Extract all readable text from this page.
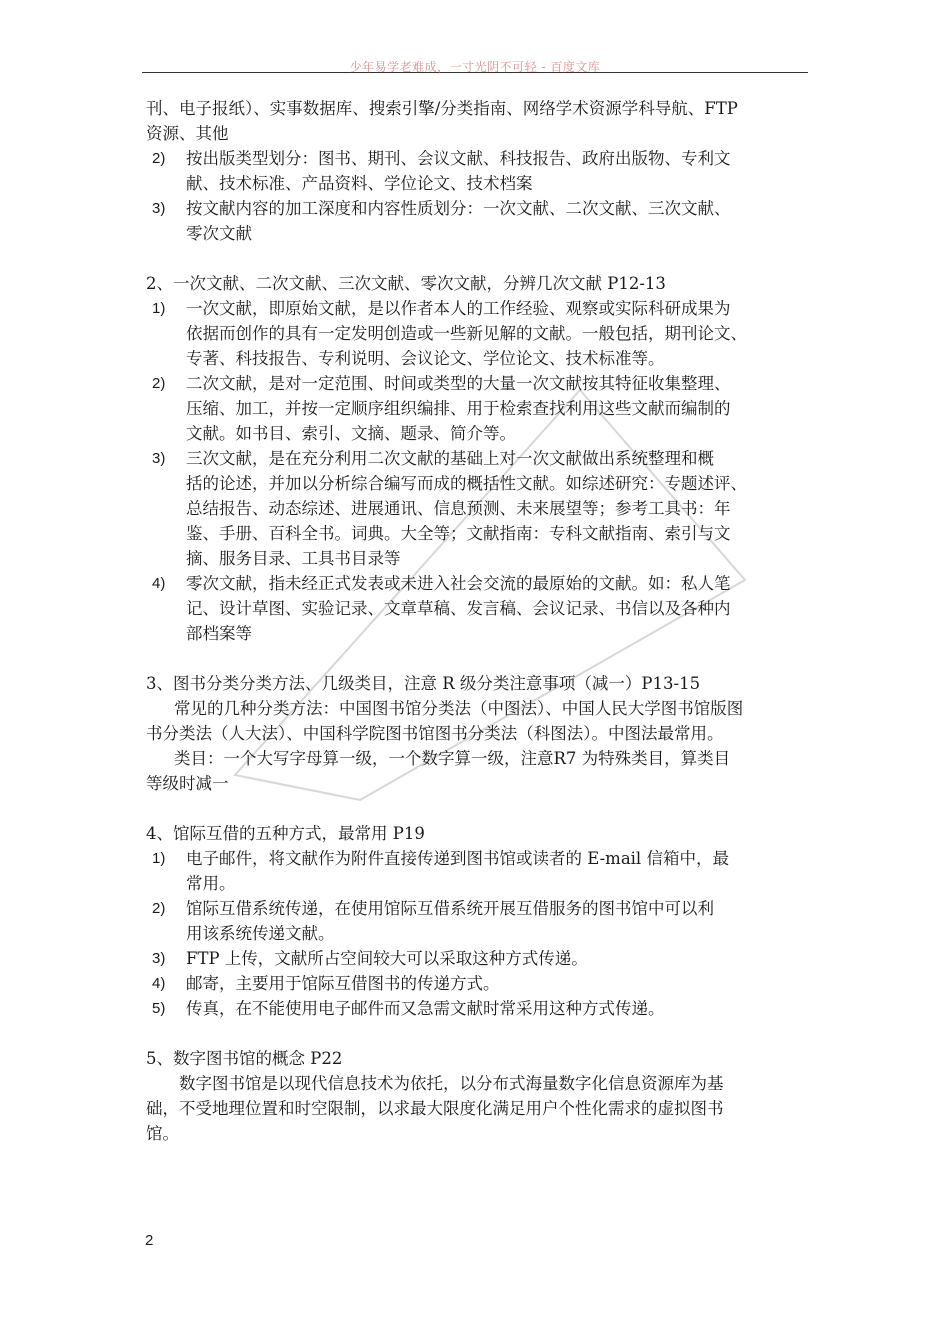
少年易学老难成，一寸光阴不可轻 - 百度文库
刊、电子报纸）、实事数据库、搜索引擎/分类指南、网络学术资源学科导航、FTP
资源、其他
2) 按出版类型划分：图书、期刊、会议文献、科技报告、政府出版物、专利文
献、技术标准、产品资料、学位论文、技术档案
3) 按文献内容的加工深度和内容性质划分：一次文献、二次文献、三次文献、
零次文献
2、一次文献、二次文献、三次文献、零次文献，分辨几次文献 P12-13
1) 一次文献，即原始文献，是以作者本人的工作经验、观察或实际科研成果为
依据而创作的具有一定发明创造或一些新见解的文献。一般包括，期刊论文、
专著、科技报告、专利说明、会议论文、学位论文、技术标准等。
2) 二次文献，是对一定范围、时间或类型的大量一次文献按其特征收集整理、
压缩、加工，并按一定顺序组织编排、用于检索查找利用这些文献而编制的
文献。如书目、索引、文摘、题录、简介等。
3) 三次文献，是在充分利用二次文献的基础上对一次文献做出系统整理和概
括的论述，并加以分析综合编写而成的概括性文献。如综述研究：专题述评、
总结报告、动态综述、进展通讯、信息预测、未来展望等；参考工具书：年
鉴、手册、百科全书。词典。大全等；文献指南：专科文献指南、索引与文
摘、服务目录、工具书目录等
4) 零次文献，指未经正式发表或未进入社会交流的最原始的文献。如：私人笔
记、设计草图、实验记录、文章草稿、发言稿、会议记录、书信以及各种内
部档案等
3、图书分类分类方法、几级类目，注意 R 级分类注意事项（减一）P13-15
常见的几种分类方法：中国图书馆分类法（中图法）、中国人民大学图书馆版图
书分类法（人大法）、中国科学院图书馆图书分类法（科图法）。中图法最常用。
类目：一个大写字母算一级，一个数字算一级，注意R7 为特殊类目，算类目
等级时减一
4、馆际互借的五种方式，最常用 P19
1) 电子邮件，将文献作为附件直接传递到图书馆或读者的 E-mail 信箱中，最
常用。
2) 馆际互借系统传递，在使用馆际互借系统开展互借服务的图书馆中可以利
用该系统传递文献。
3) FTP 上传，文献所占空间较大可以采取这种方式传递。
4) 邮寄，主要用于馆际互借图书的传递方式。
5) 传真，在不能使用电子邮件而又急需文献时常采用这种方式传递。
5、数字图书馆的概念 P22
数字图书馆是以现代信息技术为依托，以分布式海量数字化信息资源库为基
础，不受地理位置和时空限制，以求最大限度化满足用户个性化需求的虚拟图书
馆。
2
